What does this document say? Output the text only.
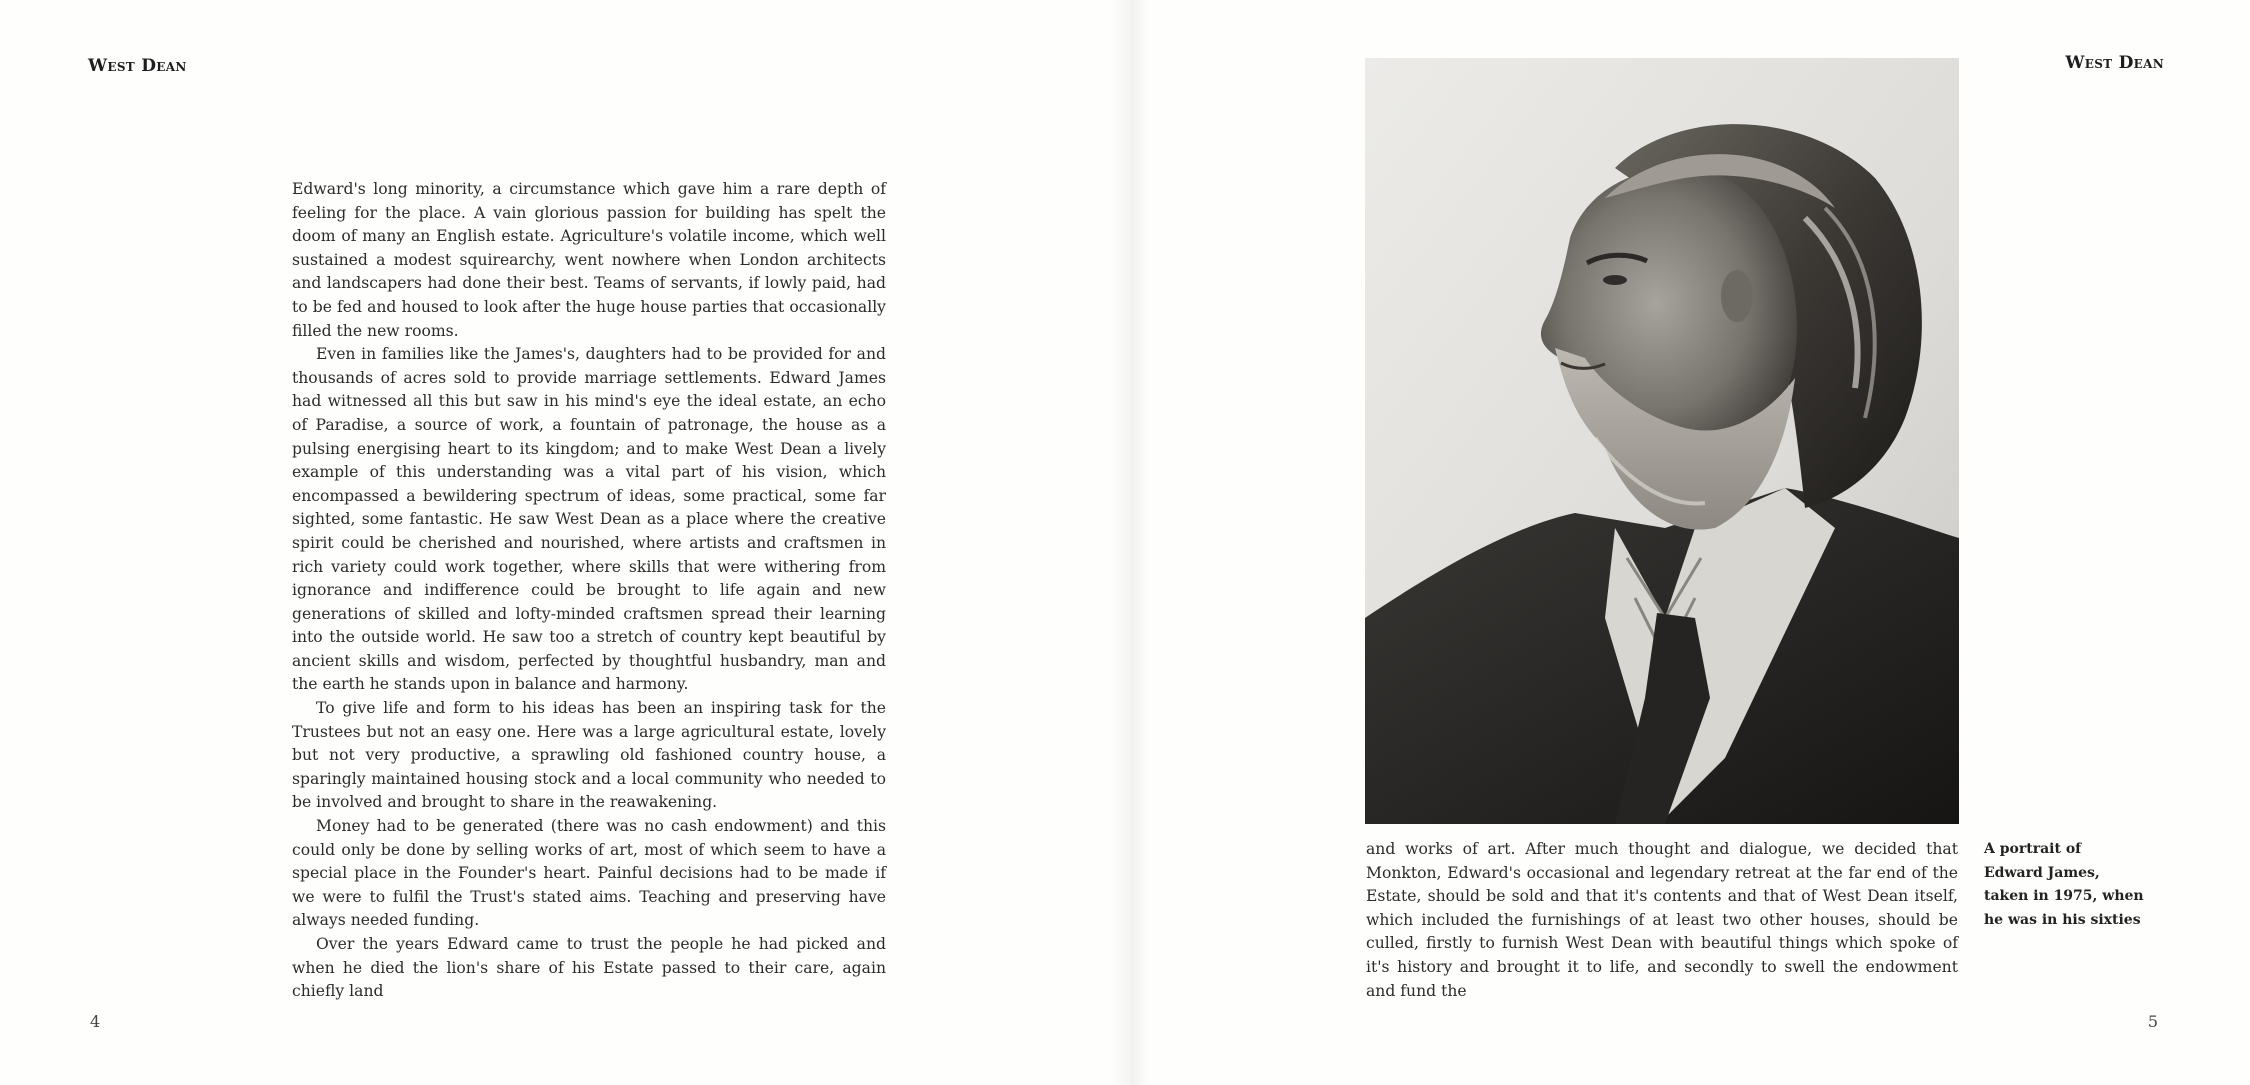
West Dean

Edward's long minority, a circumstance which gave him a rare depth of feeling for the place. A vain glorious passion for building has spelt the doom of many an English estate. Agriculture's volatile income, which well sustained a modest squirearchy, went nowhere when London architects and landscapers had done their best. Teams of servants, if lowly paid, had to be fed and housed to look after the huge house parties that occasionally filled the new rooms.

Even in families like the James's, daughters had to be provided for and thousands of acres sold to provide marriage settlements. Edward James had witnessed all this but saw in his mind's eye the ideal estate, an echo of Paradise, a source of work, a fountain of patronage, the house as a pulsing energising heart to its kingdom; and to make West Dean a lively example of this understanding was a vital part of his vision, which encompassed a bewildering spectrum of ideas, some practical, some far sighted, some fantastic. He saw West Dean as a place where the creative spirit could be cherished and nourished, where artists and craftsmen in rich variety could work together, where skills that were withering from ignorance and indifference could be brought to life again and new generations of skilled and lofty-minded craftsmen spread their learning into the outside world. He saw too a stretch of country kept beautiful by ancient skills and wisdom, perfected by thoughtful husbandry, man and the earth he stands upon in balance and harmony.

To give life and form to his ideas has been an inspiring task for the Trustees but not an easy one. Here was a large agricultural estate, lovely but not very productive, a sprawling old fashioned country house, a sparingly maintained housing stock and a local community who needed to be involved and brought to share in the reawakening.

Money had to be generated (there was no cash endowment) and this could only be done by selling works of art, most of which seem to have a special place in the Founder's heart. Painful decisions had to be made if we were to fulfil the Trust's stated aims. Teaching and preserving have always needed funding.

Over the years Edward came to trust the people he had picked and when he died the lion's share of his Estate passed to their care, again chiefly land

4
West Dean
5

and works of art. After much thought and dialogue, we decided that Monkton, Edward's occasional and legendary retreat at the far end of the Estate, should be sold and that it's contents and that of West Dean itself, which included the furnishings of at least two other houses, should be culled, firstly to furnish West Dean with beautiful things which spoke of it's history and brought it to life, and secondly to swell the endowment and fund the

A portrait of Edward James, taken in 1975, when he was in his sixties
